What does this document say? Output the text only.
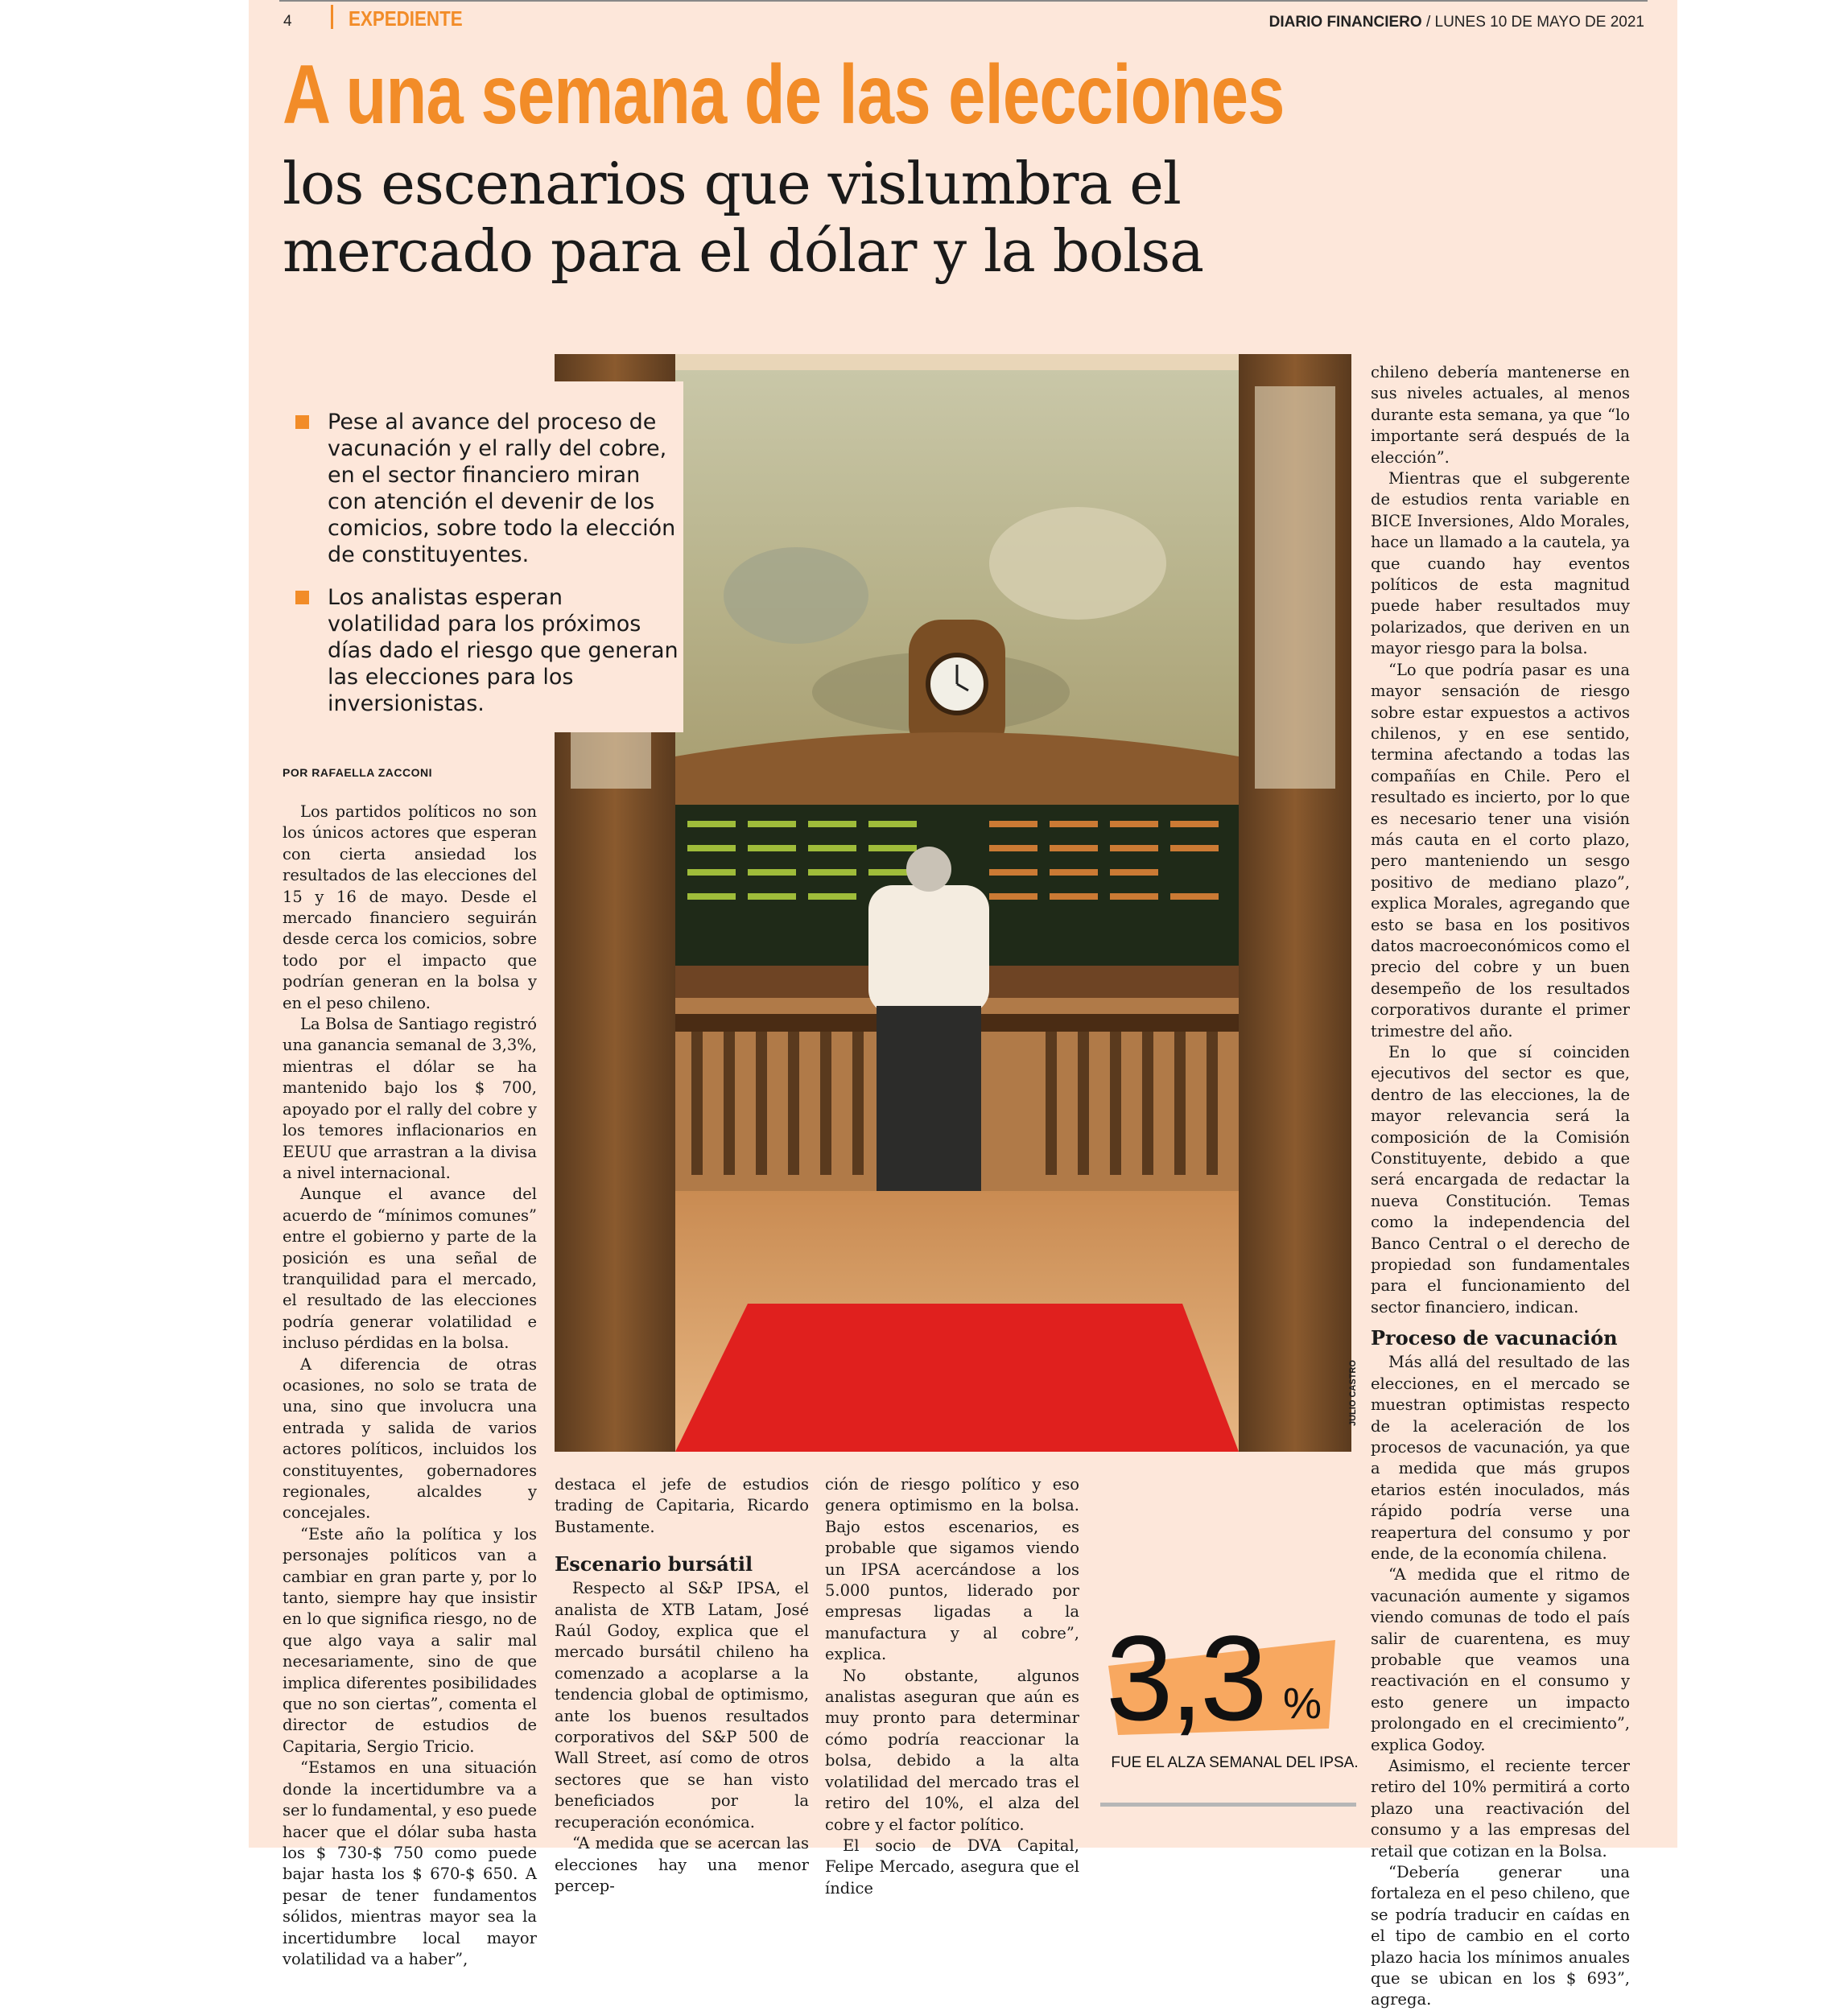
4	EXPEDIENTE	DIARIO FINANCIERO / LUNES 10 DE MAYO DE 2021
A una semana de las elecciones
los escenarios que vislumbra el mercado para el dólar y la bolsa
JULIO CASTRO
Pese al avance del proceso de vacunación y el rally del cobre, en el sector financiero miran con atención el devenir de los comicios, sobre todo la elección de constituyentes.
Los analistas esperan volatilidad para los próximos días dado el riesgo que generan las elecciones para los inversionistas.
POR RAFAELLA ZACCONI

Los partidos políticos no son los únicos actores que esperan con cierta ansiedad los resultados de las elecciones del 15 y 16 de mayo. Desde el mercado financiero seguirán desde cerca los comicios, sobre todo por el impacto que podrían generan en la bolsa y en el peso chileno.

La Bolsa de Santiago registró una ganancia semanal de 3,3%, mientras el dólar se ha mantenido bajo los $ 700, apoyado por el rally del cobre y los temores inflacionarios en EEUU que arrastran a la divisa a nivel internacional.

Aunque el avance del acuerdo de “mínimos comunes” entre el gobierno y parte de la posición es una señal de tranquilidad para el mercado, el resultado de las elecciones podría generar volatilidad e incluso pérdidas en la bolsa.

A diferencia de otras ocasiones, no solo se trata de una, sino que involucra una entrada y salida de varios actores políticos, incluidos los constituyentes, gobernadores regionales, alcaldes y concejales.

“Este año la política y los personajes políticos van a cambiar en gran parte y, por lo tanto, siempre hay que insistir en lo que significa riesgo, no de que algo vaya a salir mal necesariamente, sino de que implica diferentes posibilidades que no son ciertas”, comenta el director de estudios de Capitaria, Sergio Tricio.

“Estamos en una situación donde la incertidumbre va a ser lo fundamental, y eso puede hacer que el dólar suba hasta los $ 730-$ 750 como puede bajar hasta los $ 670-$ 650. A pesar de tener fundamentos sólidos, mientras mayor sea la incertidumbre local mayor volatilidad va a haber”,

destaca el jefe de estudios trading de Capitaria, Ricardo Bustamente.

Escenario bursátil

Respecto al S&P IPSA, el analista de XTB Latam, José Raúl Godoy, explica que el mercado bursátil chileno ha comenzado a acoplarse a la tendencia global de optimismo, ante los buenos resultados corporativos del S&P 500 de Wall Street, así como de otros sectores que se han visto beneficiados por la recuperación económica.

“A medida que se acercan las elecciones hay una menor percep-

ción de riesgo político y eso genera optimismo en la bolsa. Bajo estos escenarios, es probable que sigamos viendo un IPSA acercándose a los 5.000 puntos, liderado por empresas ligadas a la manufactura y al cobre”, explica.

No obstante, algunos analistas aseguran que aún es muy pronto para determinar cómo podría reaccionar la bolsa, debido a la alta volatilidad del mercado tras el retiro del 10%, el alza del cobre y el factor político.

El socio de DVA Capital, Felipe Mercado, asegura que el índice

chileno debería mantenerse en sus niveles actuales, al menos durante esta semana, ya que “lo importante será después de la elección”.

Mientras que el subgerente de estudios renta variable en BICE Inversiones, Aldo Morales, hace un llamado a la cautela, ya que cuando hay eventos políticos de esta magnitud puede haber resultados muy polarizados, que deriven en un mayor riesgo para la bolsa.

“Lo que podría pasar es una mayor sensación de riesgo sobre estar expuestos a activos chilenos, y en ese sentido, termina afectando a todas las compañías en Chile. Pero el resultado es incierto, por lo que es necesario tener una visión más cauta en el corto plazo, pero manteniendo un sesgo positivo de mediano plazo”, explica Morales, agregando que esto se basa en los positivos datos macroeconómicos como el precio del cobre y un buen desempeño de los resultados corporativos durante el primer trimestre del año.

En lo que sí coinciden ejecutivos del sector es que, dentro de las elecciones, la de mayor relevancia será la composición de la Comisión Constituyente, debido a que será encargada de redactar la nueva Constitución. Temas como la independencia del Banco Central o el derecho de propiedad son fundamentales para el funcionamiento del sector financiero, indican.

Proceso de vacunación

Más allá del resultado de las elecciones, en el mercado se muestran optimistas respecto de la aceleración de los procesos de vacunación, ya que a medida que más grupos etarios estén inoculados, más rápido podría verse una reapertura del consumo y por ende, de la economía chilena.

“A medida que el ritmo de vacunación aumente y sigamos viendo comunas de todo el país salir de cuarentena, es muy probable que veamos una reactivación en el consumo y esto genere un impacto prolongado en el crecimiento”, explica Godoy.

Asimismo, el reciente tercer retiro del 10% permitirá a corto plazo una reactivación del consumo y a las empresas del retail que cotizan en la Bolsa.

“Debería generar una fortaleza en el peso chileno, que se podría traducir en caídas en el tipo de cambio en el corto plazo hacia los mínimos anuales que se ubican en los $ 693”, agrega.

3,3 %
FUE EL ALZA SEMANAL DEL IPSA.
